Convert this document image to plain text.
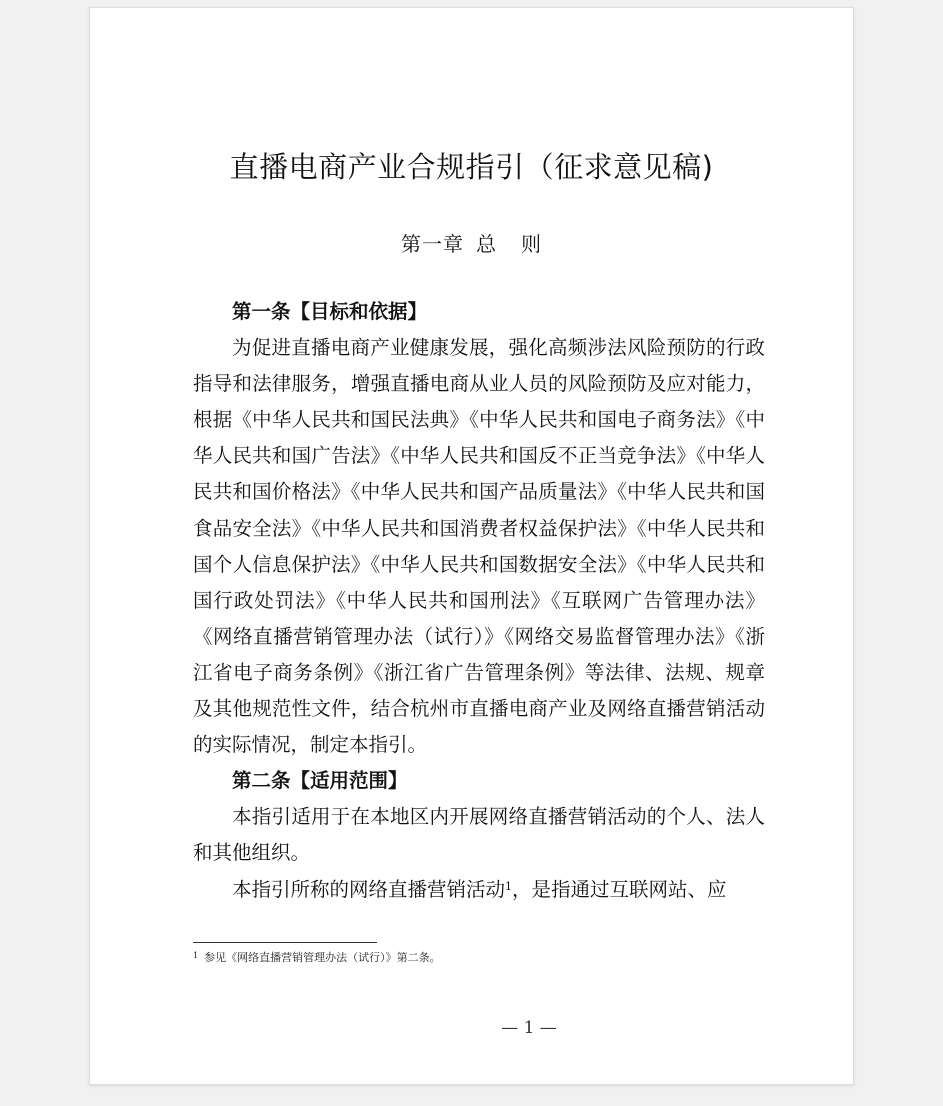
直播电商产业合规指引（征求意见稿)
第一章 总 则

第一条【目标和依据】

为促进直播电商产业健康发展，强化高频涉法风险预防的行政指导和法律服务，增强直播电商从业人员的风险预防及应对能力，根据《中华人民共和国民法典》《中华人民共和国电子商务法》《中华人民共和国广告法》《中华人民共和国反不正当竞争法》《中华人民共和国价格法》《中华人民共和国产品质量法》《中华人民共和国食品安全法》《中华人民共和国消费者权益保护法》《中华人民共和国个人信息保护法》《中华人民共和国数据安全法》《中华人民共和国行政处罚法》《中华人民共和国刑法》《互联网广告管理办法》《网络直播营销管理办法（试行）》《网络交易监督管理办法》《浙江省电子商务条例》《浙江省广告管理条例》等法律、法规、规章及其他规范性文件，结合杭州市直播电商产业及网络直播营销活动的实际情况，制定本指引。

第二条【适用范围】

本指引适用于在本地区内开展网络直播营销活动的个人、法人和其他组织。

本指引所称的网络直播营销活动$^1$，是指通过互联网站、应

$^1$ 参见《网络直播营销管理办法（试行）》第二条。
— 1 —
